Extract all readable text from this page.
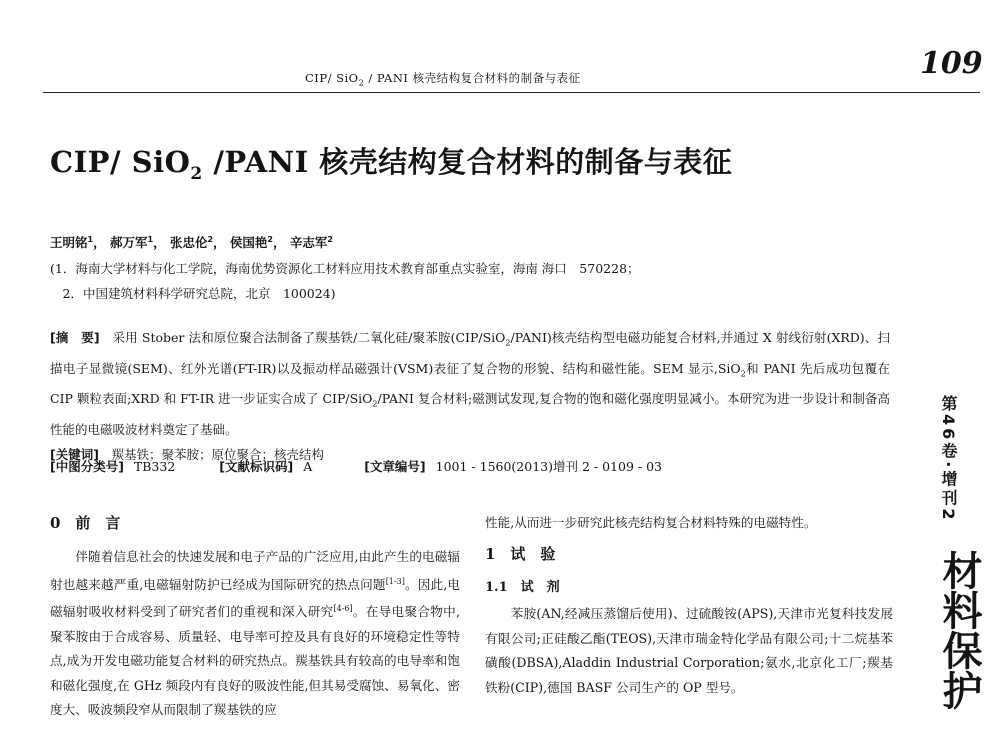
CIP/ SiO$_2$ / PANI 核壳结构复合材料的制备与表征	109
CIP/ SiO$_2$ /PANI 核壳结构复合材料的制备与表征
王明铭$^1$， 郝万军$^1$， 张忠伦$^2$， 侯国艳$^2$， 辛志军$^2$
(1．海南大学材料与化工学院，海南优势资源化工材料应用技术教育部重点实验室，海南 海口　570228；
　2．中国建筑材料科学研究总院，北京　100024)
[摘　要]　采用 Stober 法和原位聚合法制备了羰基铁/二氧化硅/聚苯胺(CIP/SiO$_2$/PANI)核壳结构型电磁功能复合材料,并通过 X 射线衍射(XRD)、扫描电子显微镜(SEM)、红外光谱(FT-IR)以及振动样品磁强计(VSM)表征了复合物的形貌、结构和磁性能。SEM 显示,SiO$_2$和 PANI 先后成功包覆在 CIP 颗粒表面;XRD 和 FT-IR 进一步证实合成了 CIP/SiO$_2$/PANI 复合材料;磁测试发现,复合物的饱和磁化强度明显减小。本研究为进一步设计和制备高性能的电磁吸波材料奠定了基础。
[关键词]　羰基铁；聚苯胺；原位聚合；核壳结构
[中图分类号] TB332	[文献标识码] A	[文章编号] 1001 - 1560(2013)增刊 2 - 0109 - 03
0　前　言
　　伴随着信息社会的快速发展和电子产品的广泛应用,由此产生的电磁辐射也越来越严重,电磁辐射防护已经成为国际研究的热点问题[1-3]。因此,电磁辐射吸收材料受到了研究者们的重视和深入研究[4-6]。在导电聚合物中,聚苯胺由于合成容易、质量轻、电导率可控及具有良好的环境稳定性等特点,成为开发电磁功能复合材料的研究热点。羰基铁具有较高的电导率和饱和磁化强度,在 GHz 频段内有良好的吸波性能,但其易受腐蚀、易氧化、密度大、吸波频段窄从而限制了羰基铁的应
性能,从而进一步研究此核壳结构复合材料特殊的电磁特性。
1　试　验
1.1　试　剂
　　苯胺(AN,经减压蒸馏后使用)、过硫酸铵(APS),天津市光复科技发展有限公司;正硅酸乙酯(TEOS),天津市瑞金特化学品有限公司;十二烷基苯磺酸(DBSA),Aladdin Industrial Corporation;氨水,北京化工厂;羰基铁粉(CIP),德国 BASF 公司生产的 OP 型号。
第46卷·增刊2
材料保护
